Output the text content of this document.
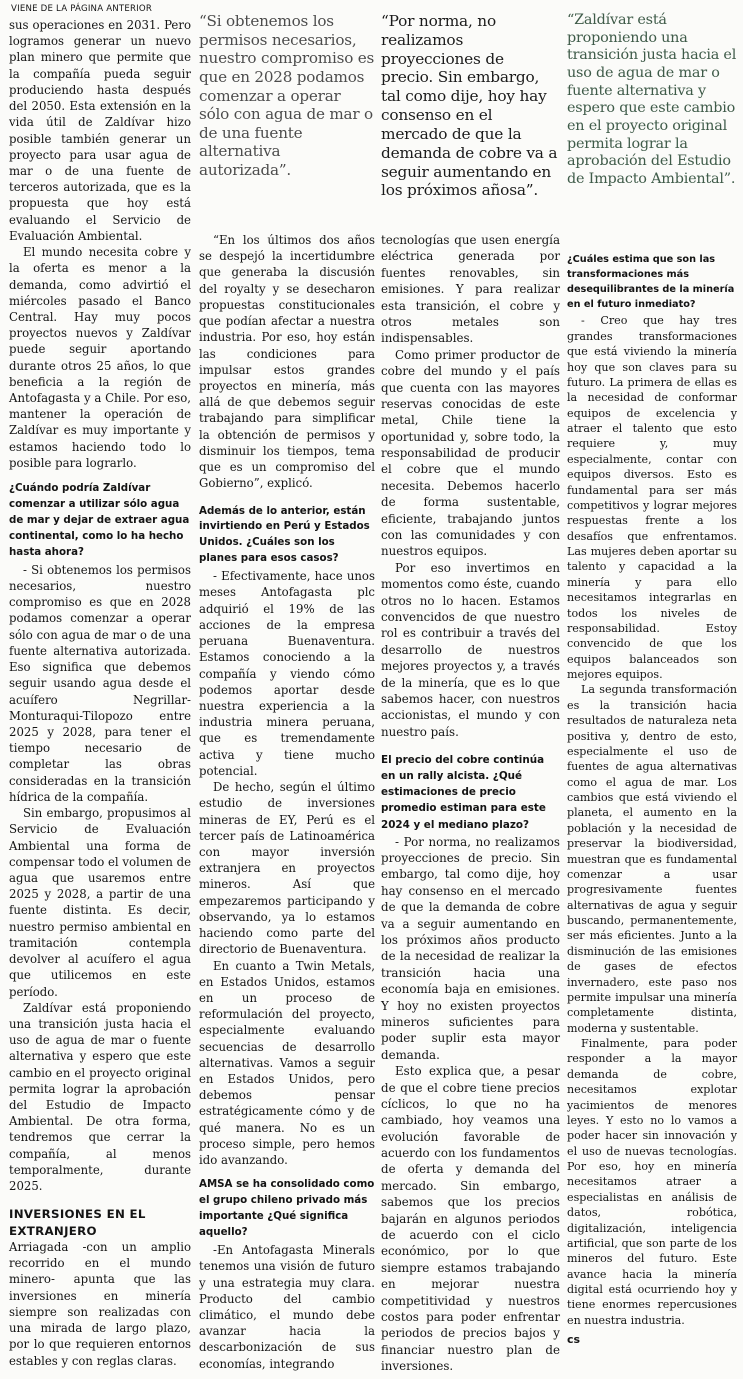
VIENE DE LA PÁGINA ANTERIOR

sus operaciones en 2031. Pero logramos generar un nuevo plan minero que permite que la compañía pueda seguir produciendo hasta después del 2050. Esta extensión en la vida útil de Zaldívar hizo posible también generar un proyecto para usar agua de mar o de una fuente de terceros autorizada, que es la propuesta que hoy está evaluando el Servicio de Evaluación Ambiental.

El mundo necesita cobre y la oferta es menor a la demanda, como advirtió el miércoles pasado el Banco Central. Hay muy pocos proyectos nuevos y Zaldívar puede seguir aportando durante otros 25 años, lo que beneficia a la región de Antofagasta y a Chile. Por eso, mantener la operación de Zaldívar es muy importante y estamos haciendo todo lo posible para lograrlo.

¿Cuándo podría Zaldívar comenzar a utilizar sólo agua de mar y dejar de extraer agua continental, como lo ha hecho hasta ahora?

- Si obtenemos los permisos necesarios, nuestro compromiso es que en 2028 podamos comenzar a operar sólo con agua de mar o de una fuente alternativa autorizada. Eso significa que debemos seguir usando agua desde el acuífero Negrillar-Monturaqui-Tilopozo entre 2025 y 2028, para tener el tiempo necesario de completar las obras consideradas en la transición hídrica de la compañía.

Sin embargo, propusimos al Servicio de Evaluación Ambiental una forma de compensar todo el volumen de agua que usaremos entre 2025 y 2028, a partir de una fuente distinta. Es decir, nuestro permiso ambiental en tramitación contempla devolver al acuífero el agua que utilicemos en este período.

Zaldívar está proponiendo una transición justa hacia el uso de agua de mar o fuente alternativa y espero que este cambio en el proyecto original permita lograr la aprobación del Estudio de Impacto Ambiental. De otra forma, tendremos que cerrar la compañía, al menos temporalmente, durante 2025.

INVERSIONES EN EL EXTRANJERO

Arriagada -con un amplio recorrido en el mundo minero- apunta que las inversiones en minería siempre son realizadas con una mirada de largo plazo, por lo que requieren entornos estables y con reglas claras.

“Si obtenemos los permisos necesarios, nuestro compromiso es que en 2028 podamos comenzar a operar sólo con agua de mar o de una fuente alternativa autorizada”.

“En los últimos dos años se despejó la incertidumbre que generaba la discusión del royalty y se desecharon propuestas constitucionales que podían afectar a nuestra industria. Por eso, hoy están las condiciones para impulsar estos grandes proyectos en minería, más allá de que debemos seguir trabajando para simplificar la obtención de permisos y disminuir los tiempos, tema que es un compromiso del Gobierno”, explicó.

Además de lo anterior, están invirtiendo en Perú y Estados Unidos. ¿Cuáles son los planes para esos casos?

- Efectivamente, hace unos meses Antofagasta plc adquirió el 19% de las acciones de la empresa peruana Buenaventura. Estamos conociendo a la compañía y viendo cómo podemos aportar desde nuestra experiencia a la industria minera peruana, que es tremendamente activa y tiene mucho potencial.

De hecho, según el último estudio de inversiones mineras de EY, Perú es el tercer país de Latinoamérica con mayor inversión extranjera en proyectos mineros. Así que empezaremos participando y observando, ya lo estamos haciendo como parte del directorio de Buenaventura.

En cuanto a Twin Metals, en Estados Unidos, estamos en un proceso de reformulación del proyecto, especialmente evaluando secuencias de desarrollo alternativas. Vamos a seguir en Estados Unidos, pero debemos pensar estratégicamente cómo y de qué manera. No es un proceso simple, pero hemos ido avanzando.

AMSA se ha consolidado como el grupo chileno privado más importante ¿Qué significa aquello?

-En Antofagasta Minerals tenemos una visión de futuro y una estrategia muy clara. Producto del cambio climático, el mundo debe avanzar hacia la descarbonización de sus economías, integrando

“Por norma, no realizamos proyecciones de precio. Sin embargo, tal como dije, hoy hay consenso en el mercado de que la demanda de cobre va a seguir aumentando en los próximos añosa”.

tecnologías que usen energía eléctrica generada por fuentes renovables, sin emisiones. Y para realizar esta transición, el cobre y otros metales son indispensables.

Como primer productor de cobre del mundo y el país que cuenta con las mayores reservas conocidas de este metal, Chile tiene la oportunidad y, sobre todo, la responsabilidad de producir el cobre que el mundo necesita. Debemos hacerlo de forma sustentable, eficiente, trabajando juntos con las comunidades y con nuestros equipos.

Por eso invertimos en momentos como éste, cuando otros no lo hacen. Estamos convencidos de que nuestro rol es contribuir a través del desarrollo de nuestros mejores proyectos y, a través de la minería, que es lo que sabemos hacer, con nuestros accionistas, el mundo y con nuestro país.

El precio del cobre continúa en un rally alcista. ¿Qué estimaciones de precio promedio estiman para este 2024 y el mediano plazo?

- Por norma, no realizamos proyecciones de precio. Sin embargo, tal como dije, hoy hay consenso en el mercado de que la demanda de cobre va a seguir aumentando en los próximos años producto de la necesidad de realizar la transición hacia una economía baja en emisiones. Y hoy no existen proyectos mineros suficientes para poder suplir esta mayor demanda.

Esto explica que, a pesar de que el cobre tiene precios cíclicos, lo que no ha cambiado, hoy veamos una evolución favorable de acuerdo con los fundamentos de oferta y demanda del mercado. Sin embargo, sabemos que los precios bajarán en algunos periodos de acuerdo con el ciclo económico, por lo que siempre estamos trabajando en mejorar nuestra competitividad y nuestros costos para poder enfrentar periodos de precios bajos y financiar nuestro plan de inversiones.

“Zaldívar está proponiendo una transición justa hacia el uso de agua de mar o fuente alternativa y espero que este cambio en el proyecto original permita lograr la aprobación del Estudio de Impacto Ambiental”.

¿Cuáles estima que son las transformaciones más desequilibrantes de la minería en el futuro inmediato?

- Creo que hay tres grandes transformaciones que está viviendo la minería hoy que son claves para su futuro. La primera de ellas es la necesidad de conformar equipos de excelencia y atraer el talento que esto requiere y, muy especialmente, contar con equipos diversos. Esto es fundamental para ser más competitivos y lograr mejores respuestas frente a los desafíos que enfrentamos. Las mujeres deben aportar su talento y capacidad a la minería y para ello necesitamos integrarlas en todos los niveles de responsabilidad. Estoy convencido de que los equipos balanceados son mejores equipos.

La segunda transformación es la transición hacia resultados de naturaleza neta positiva y, dentro de esto, especialmente el uso de fuentes de agua alternativas como el agua de mar. Los cambios que está viviendo el planeta, el aumento en la población y la necesidad de preservar la biodiversidad, muestran que es fundamental comenzar a usar progresivamente fuentes alternativas de agua y seguir buscando, permanentemente, ser más eficientes. Junto a la disminución de las emisiones de gases de efectos invernadero, este paso nos permite impulsar una minería completamente distinta, moderna y sustentable.

Finalmente, para poder responder a la mayor demanda de cobre, necesitamos explotar yacimientos de menores leyes. Y esto no lo vamos a poder hacer sin innovación y el uso de nuevas tecnologías. Por eso, hoy en minería necesitamos atraer a especialistas en análisis de datos, robótica, digitalización, inteligencia artificial, que son parte de los mineros del futuro. Este avance hacia la minería digital está ocurriendo hoy y tiene enormes repercusiones en nuestra industria.

cs
